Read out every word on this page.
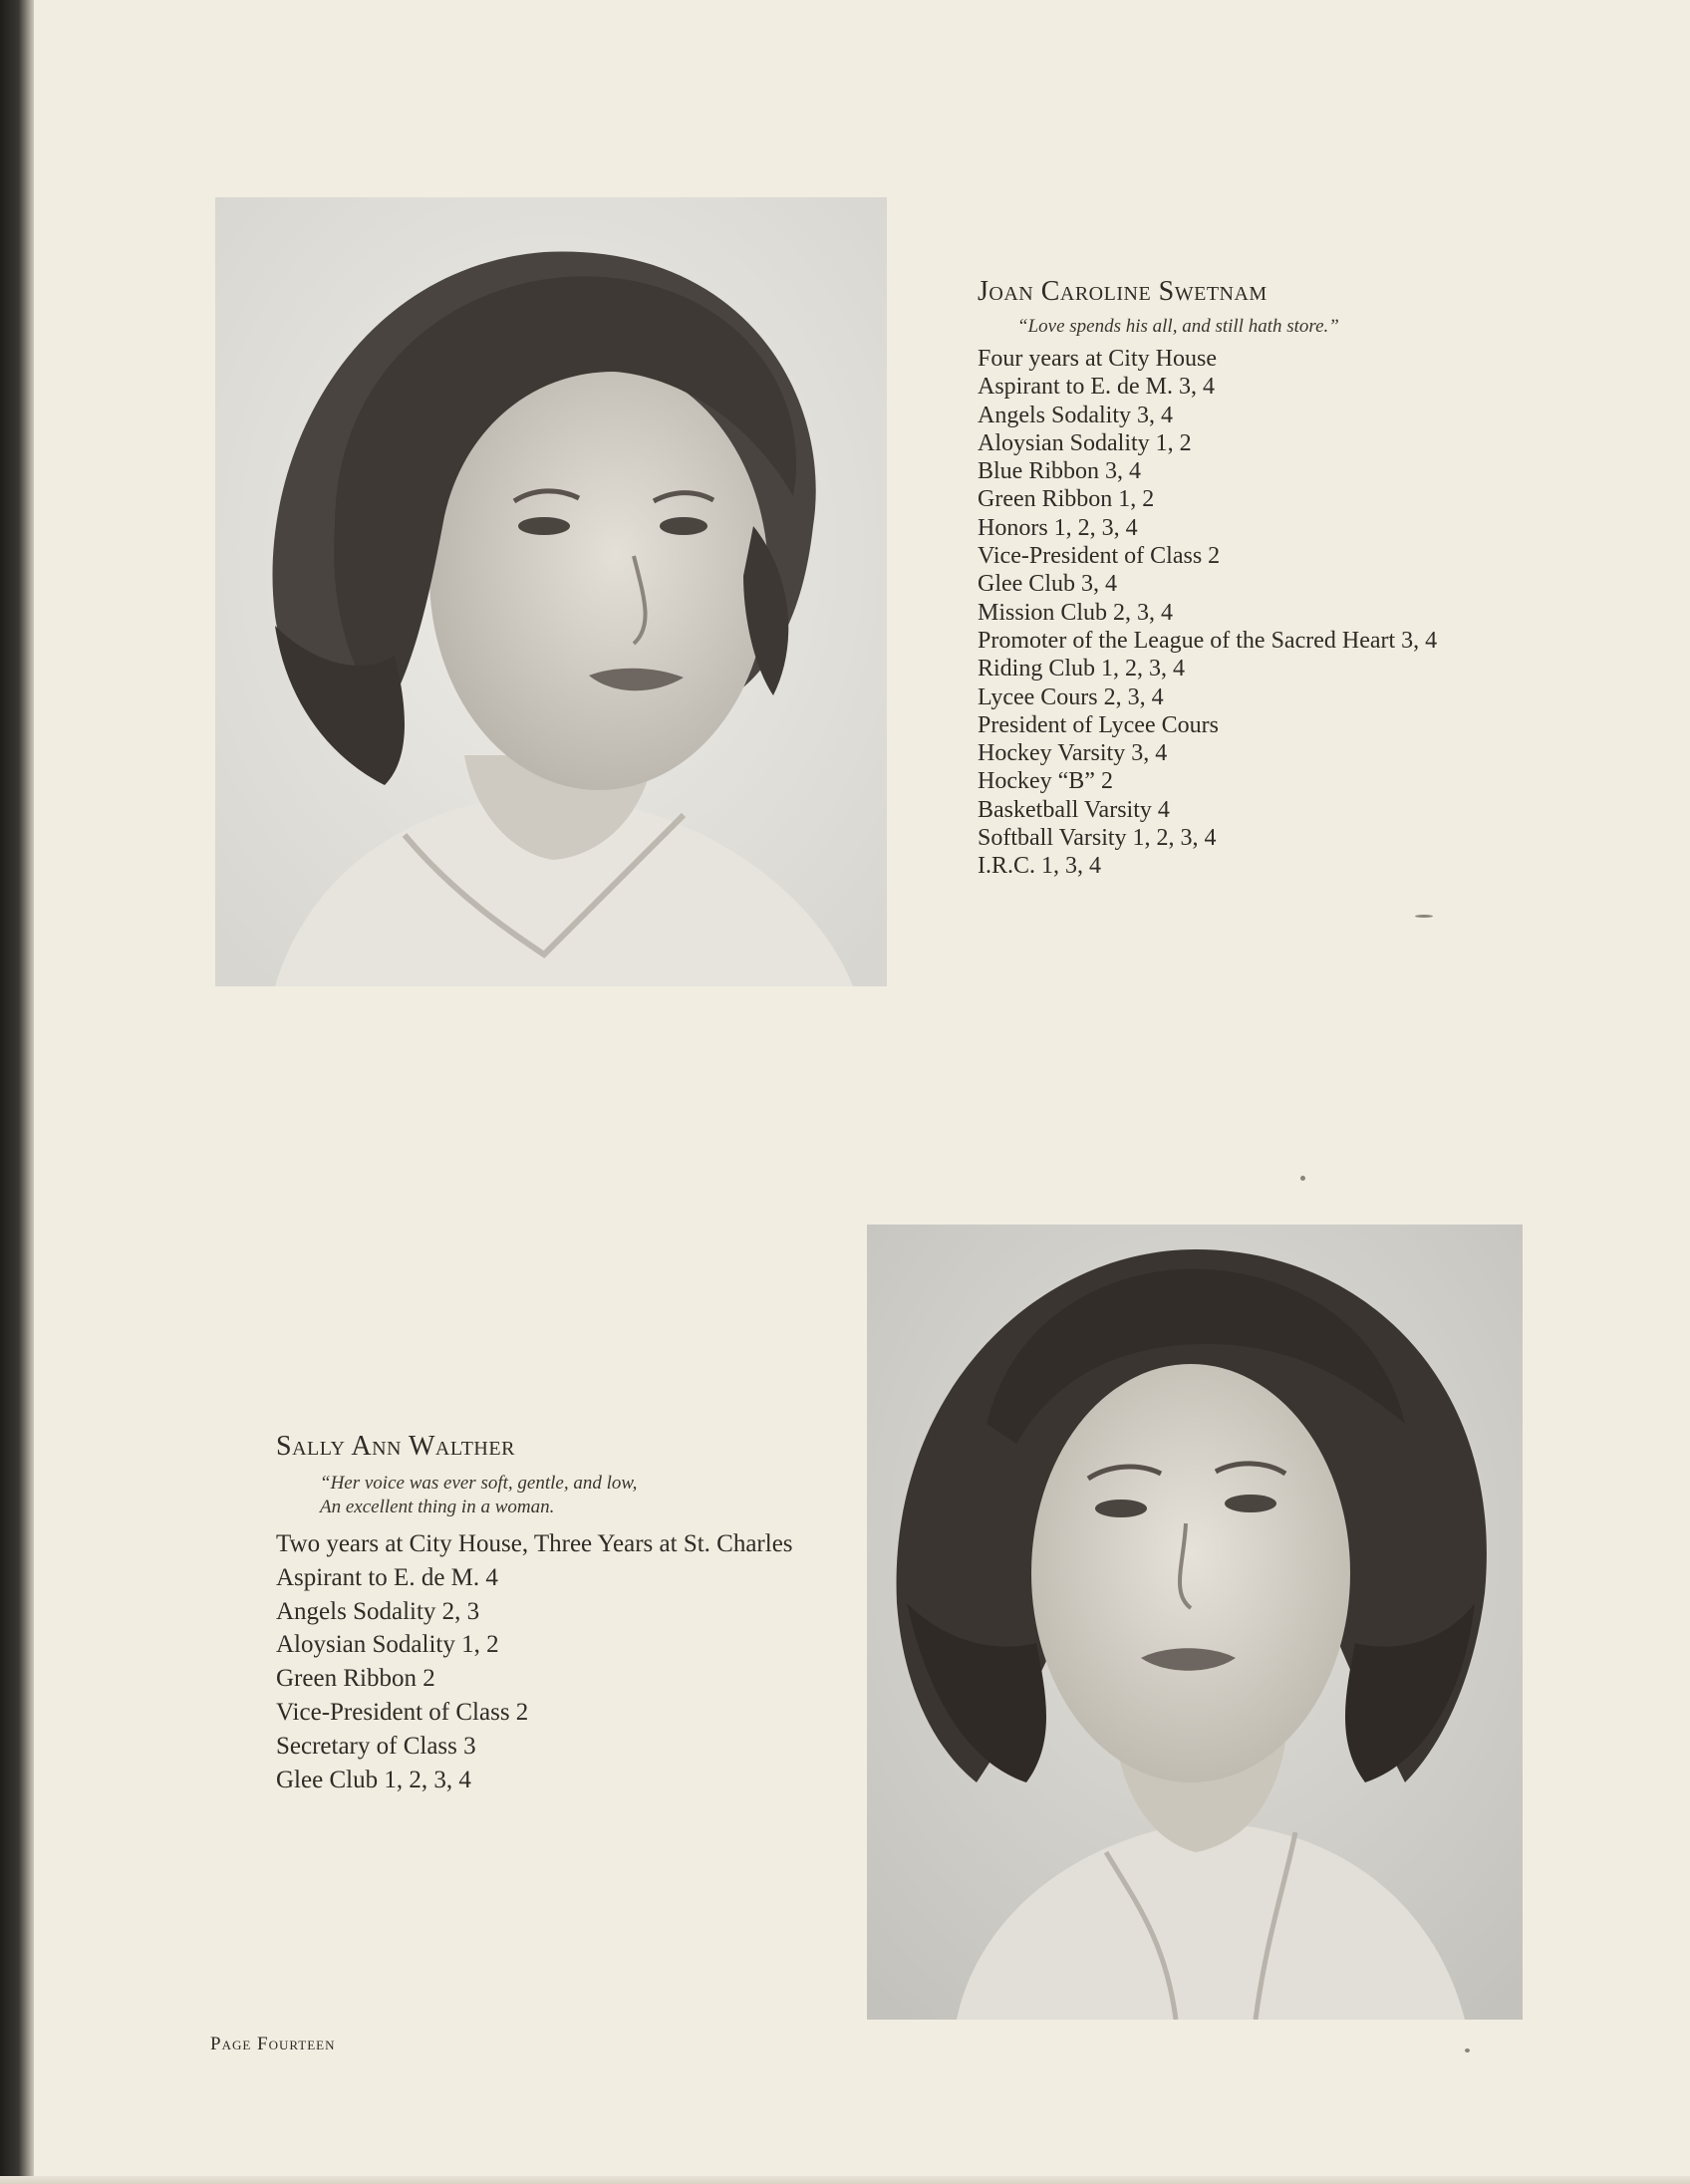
Joan Caroline Swetnam

“Love spends his all, and still hath store.”

Four years at City House
Aspirant to E. de M. 3, 4
Angels Sodality 3, 4
Aloysian Sodality 1, 2
Blue Ribbon 3, 4
Green Ribbon 1, 2
Honors 1, 2, 3, 4
Vice-President of Class 2
Glee Club 3, 4
Mission Club 2, 3, 4
Promoter of the League of the Sacred Heart 3, 4
Riding Club 1, 2, 3, 4
Lycee Cours 2, 3, 4
President of Lycee Cours
Hockey Varsity 3, 4
Hockey “B” 2
Basketball Varsity 4
Softball Varsity 1, 2, 3, 4
I.R.C. 1, 3, 4
Sally Ann Walther

“Her voice was ever soft, gentle, and low,
An excellent thing in a woman.

Two years at City House, Three Years at St. Charles
Aspirant to E. de M. 4
Angels Sodality 2, 3
Aloysian Sodality 1, 2
Green Ribbon 2
Vice-President of Class 2
Secretary of Class 3
Glee Club 1, 2, 3, 4
Page Fourteen
